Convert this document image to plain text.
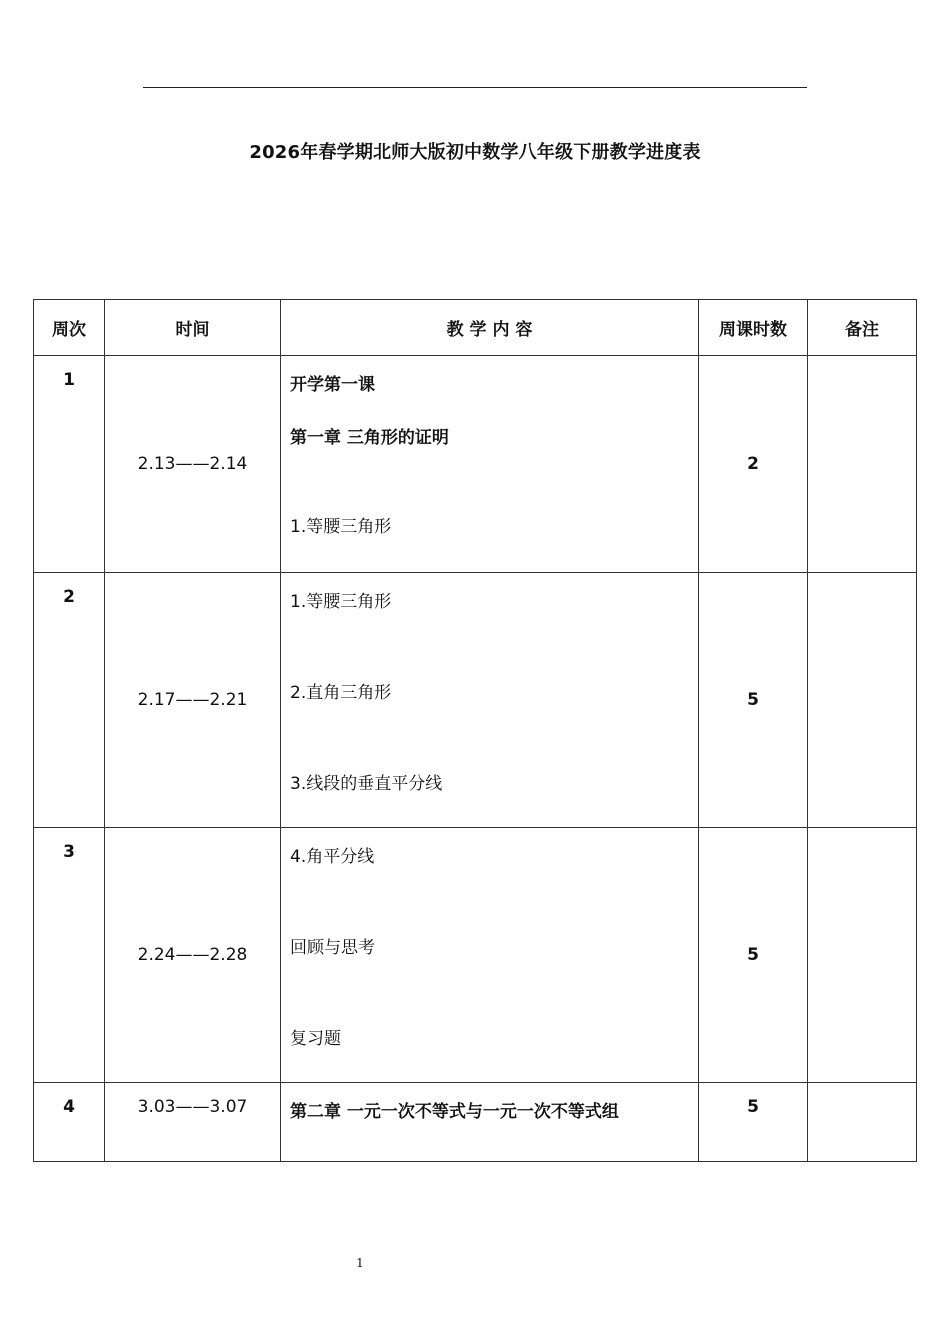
2026年春学期北师大版初中数学八年级下册教学进度表
周次	时间	教 学 内 容	周课时数	备注
1	2.13——2.14	开学第一课
第一章 三角形的证明
1.等腰三角形	2	
2	2.17——2.21	1.等腰三角形
2.直角三角形
3.线段的垂直平分线	5	
3	2.24——2.28	4.角平分线
回顾与思考
复习题	5	
4	3.03——3.07	第二章 一元一次不等式与一元一次不等式组	5	
1
